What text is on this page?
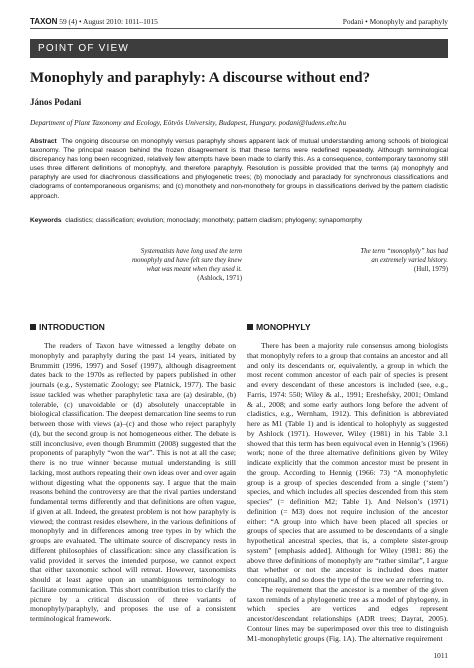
TAXON 59 (4) • August 2010: 1011–1015	Podani • Monophyly and paraphyly
POINT OF VIEW
Monophyly and paraphyly: A discourse without end?
János Podani
Department of Plant Taxonomy and Ecology, Eötvös University, Budapest, Hungary. podani@ludens.elte.hu
Abstract The ongoing discourse on monophyly versus paraphyly shows apparent lack of mutual understanding among schools of biological taxonomy. The principal reason behind the frozen disagreement is that these terms were redefined repeatedly. Although terminological discrepancy has long been recognized, relatively few attempts have been made to clarify this. As a consequence, contemporary taxonomy still uses three different definitions of monophyly, and therefore paraphyly. Resolution is possible provided that the terms (a) monophyly and paraphyly are used for diachronous classifications and phylogenetic trees; (b) monoclady and paraclady for synchronous classifications and cladograms of contemporaneous organisms; and (c) monothety and non-monothety for groups in classifications derived by the pattern cladistic approach.
Keywords cladistics; classification; evolution; monoclady; monothety; pattern cladism; phylogeny; synapomorphy
Systematists have long used the term
monophyly and have felt sure they knew
what was meant when they used it.
(Ashlock, 1971)
The term “monophyly” has had
an extremely varied history.
(Hull, 1979)
INTRODUCTION	MONOPHYLY

The readers of Taxon have witnessed a lengthy debate on monophyly and paraphyly during the past 14 years, initiated by Brummitt (1996, 1997) and Sosef (1997), although disagreement dates back to the 1970s as reflected by papers published in other journals (e.g., Systematic Zoology; see Platnick, 1977). The basic issue tackled was whether paraphyletic taxa are (a) desirable, (b) tolerable, (c) unavoidable or (d) absolutely unacceptable in biological classification. The deepest demarcation line seems to run between those with views (a)–(c) and those who reject paraphyly (d), but the second group is not homogeneous either. The debate is still inconclusive, even though Brummitt (2008) suggested that the proponents of paraphyly “won the war”. This is not at all the case; there is no true winner because mutual understanding is still lacking, most authors repeating their own ideas over and over again without digesting what the opponents say. I argue that the main reasons behind the controversy are that the rival parties understand fundamental terms differently and that definitions are often vague, if given at all. Indeed, the greatest problem is not how paraphyly is viewed; the contrast resides elsewhere, in the various definitions of monophyly and in differences among tree types in by which the groups are evaluated. The ultimate source of discrepancy rests in different philosophies of classification: since any classification is valid provided it serves the intended purpose, we cannot expect that either taxonomic school will retreat. However, taxonomists should at least agree upon an unambiguous terminology to facilitate communication. This short contribution tries to clarify the picture by a critical discussion of three variants of monophyly/paraphyly, and proposes the use of a consistent terminological framework.

There has been a majority rule consensus among biologists that monophyly refers to a group that contains an ancestor and all and only its descendants or, equivalently, a group in which the most recent common ancestor of each pair of species is present and every descendant of these ancestors is included (see, e.g., Farris, 1974: 550; Wiley & al., 1991; Ereshefsky, 2001; Omland & al., 2008; and some early authors long before the advent of cladistics, e.g., Wernham, 1912). This definition is abbreviated here as M1 (Table 1) and is identical to holophyly as suggested by Ashlock (1971). However, Wiley (1981) in his Table 3.1 showed that this term has been equivocal even in Hennig’s (1966) work; none of the three alternative definitions given by Wiley indicate explicitly that the common ancestor must be present in the group. According to Hennig (1966: 73) “A monophyletic group is a group of species descended from a single (‘stem’) species, and which includes all species descended from this stem species” (= definition M2; Table 1). And Nelson’s (1971) definition (= M3) does not require inclusion of the ancestor either: “A group into which have been placed all species or groups of species that are assumed to be descendants of a single hypothetical ancestral species, that is, a complete sister-group system” [emphasis added]. Although for Wiley (1981: 86) the above three definitions of monophyly are “rather similar”, I argue that whether or not the ancestor is included does matter conceptually, and so does the type of the tree we are referring to.

The requirement that the ancestor is a member of the given taxon reminds of a phylogenetic tree as a model of phylogeny, in which species are vertices and edges represent ancestor/descendant relationships (ADR trees; Dayrat, 2005). Contour lines may be superimposed over this tree to distinguish M1-monophyletic groups (Fig. 1A). The alternative requirement

1011
